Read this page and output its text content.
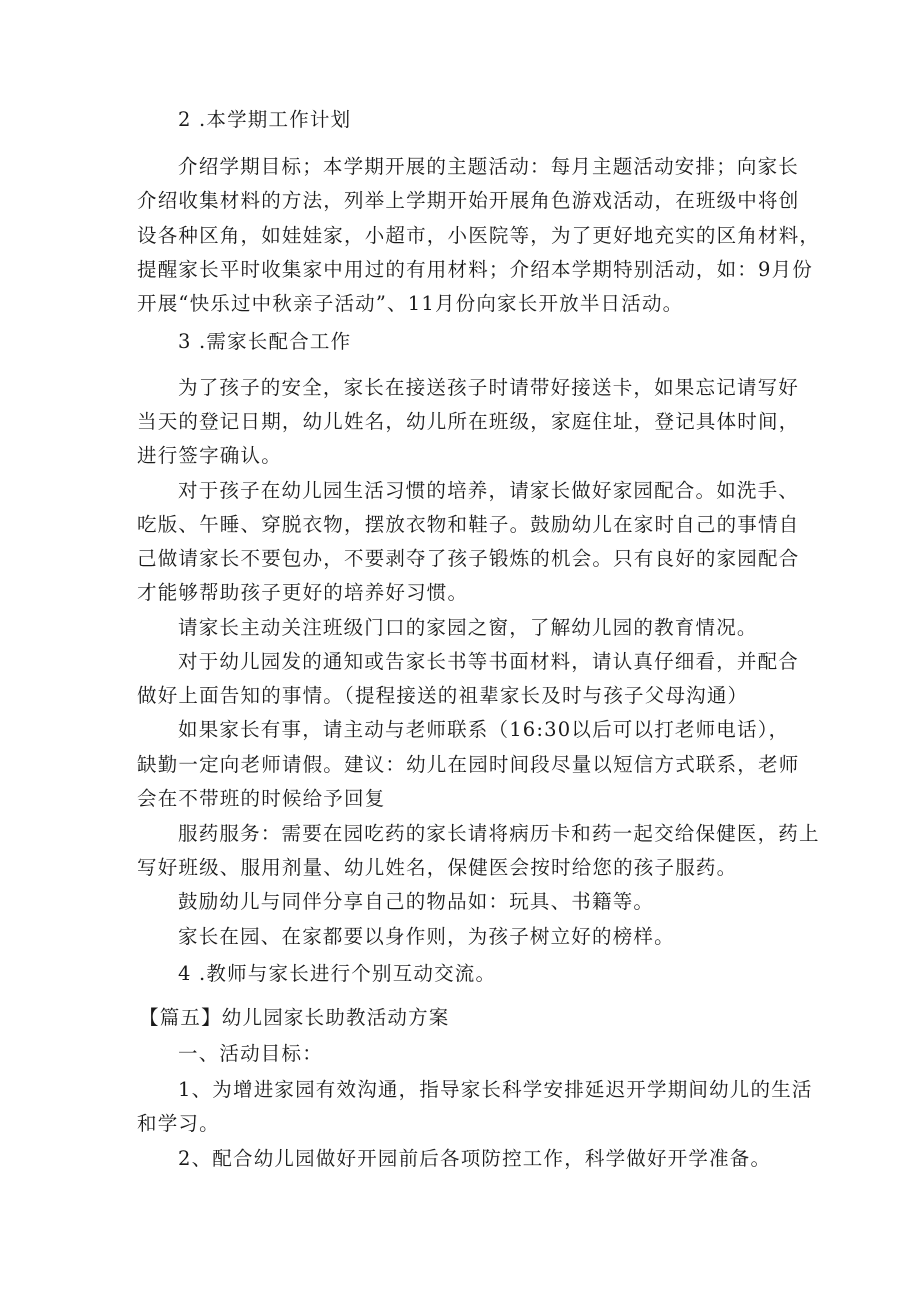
2 .本学期工作计划
介绍学期目标；本学期开展的主题活动：每月主题活动安排；向家长
介绍收集材料的方法，列举上学期开始开展角色游戏活动，在班级中将创
设各种区角，如娃娃家，小超市，小医院等，为了更好地充实的区角材料，
提醒家长平时收集家中用过的有用材料；介绍本学期特别活动，如：9月份
开展“快乐过中秋亲子活动”、11月份向家长开放半日活动。
3 .需家长配合工作
为了孩子的安全，家长在接送孩子时请带好接送卡，如果忘记请写好
当天的登记日期，幼儿姓名，幼儿所在班级，家庭住址，登记具体时间，
进行签字确认。
对于孩子在幼儿园生活习惯的培养，请家长做好家园配合。如洗手、
吃版、午睡、穿脱衣物，摆放衣物和鞋子。鼓励幼儿在家时自己的事情自
己做请家长不要包办，不要剥夺了孩子锻炼的机会。只有良好的家园配合
才能够帮助孩子更好的培养好习惯。
请家长主动关注班级门口的家园之窗，了解幼儿园的教育情况。
对于幼儿园发的通知或告家长书等书面材料，请认真仔细看，并配合
做好上面告知的事情。（提程接送的祖辈家长及时与孩子父母沟通）
如果家长有事，请主动与老师联系（16:30以后可以打老师电话），
缺勤一定向老师请假。建议：幼儿在园时间段尽量以短信方式联系，老师
会在不带班的时候给予回复
服药服务：需要在园吃药的家长请将病历卡和药一起交给保健医，药上
写好班级、服用剂量、幼儿姓名，保健医会按时给您的孩子服药。
鼓励幼儿与同伴分享自己的物品如：玩具、书籍等。
家长在园、在家都要以身作则，为孩子树立好的榜样。
4 .教师与家长进行个别互动交流。
【篇五】幼儿园家长助教活动方案
一、活动目标：
1、为增进家园有效沟通，指导家长科学安排延迟开学期间幼儿的生活
和学习。
2、配合幼儿园做好开园前后各项防控工作，科学做好开学准备。
